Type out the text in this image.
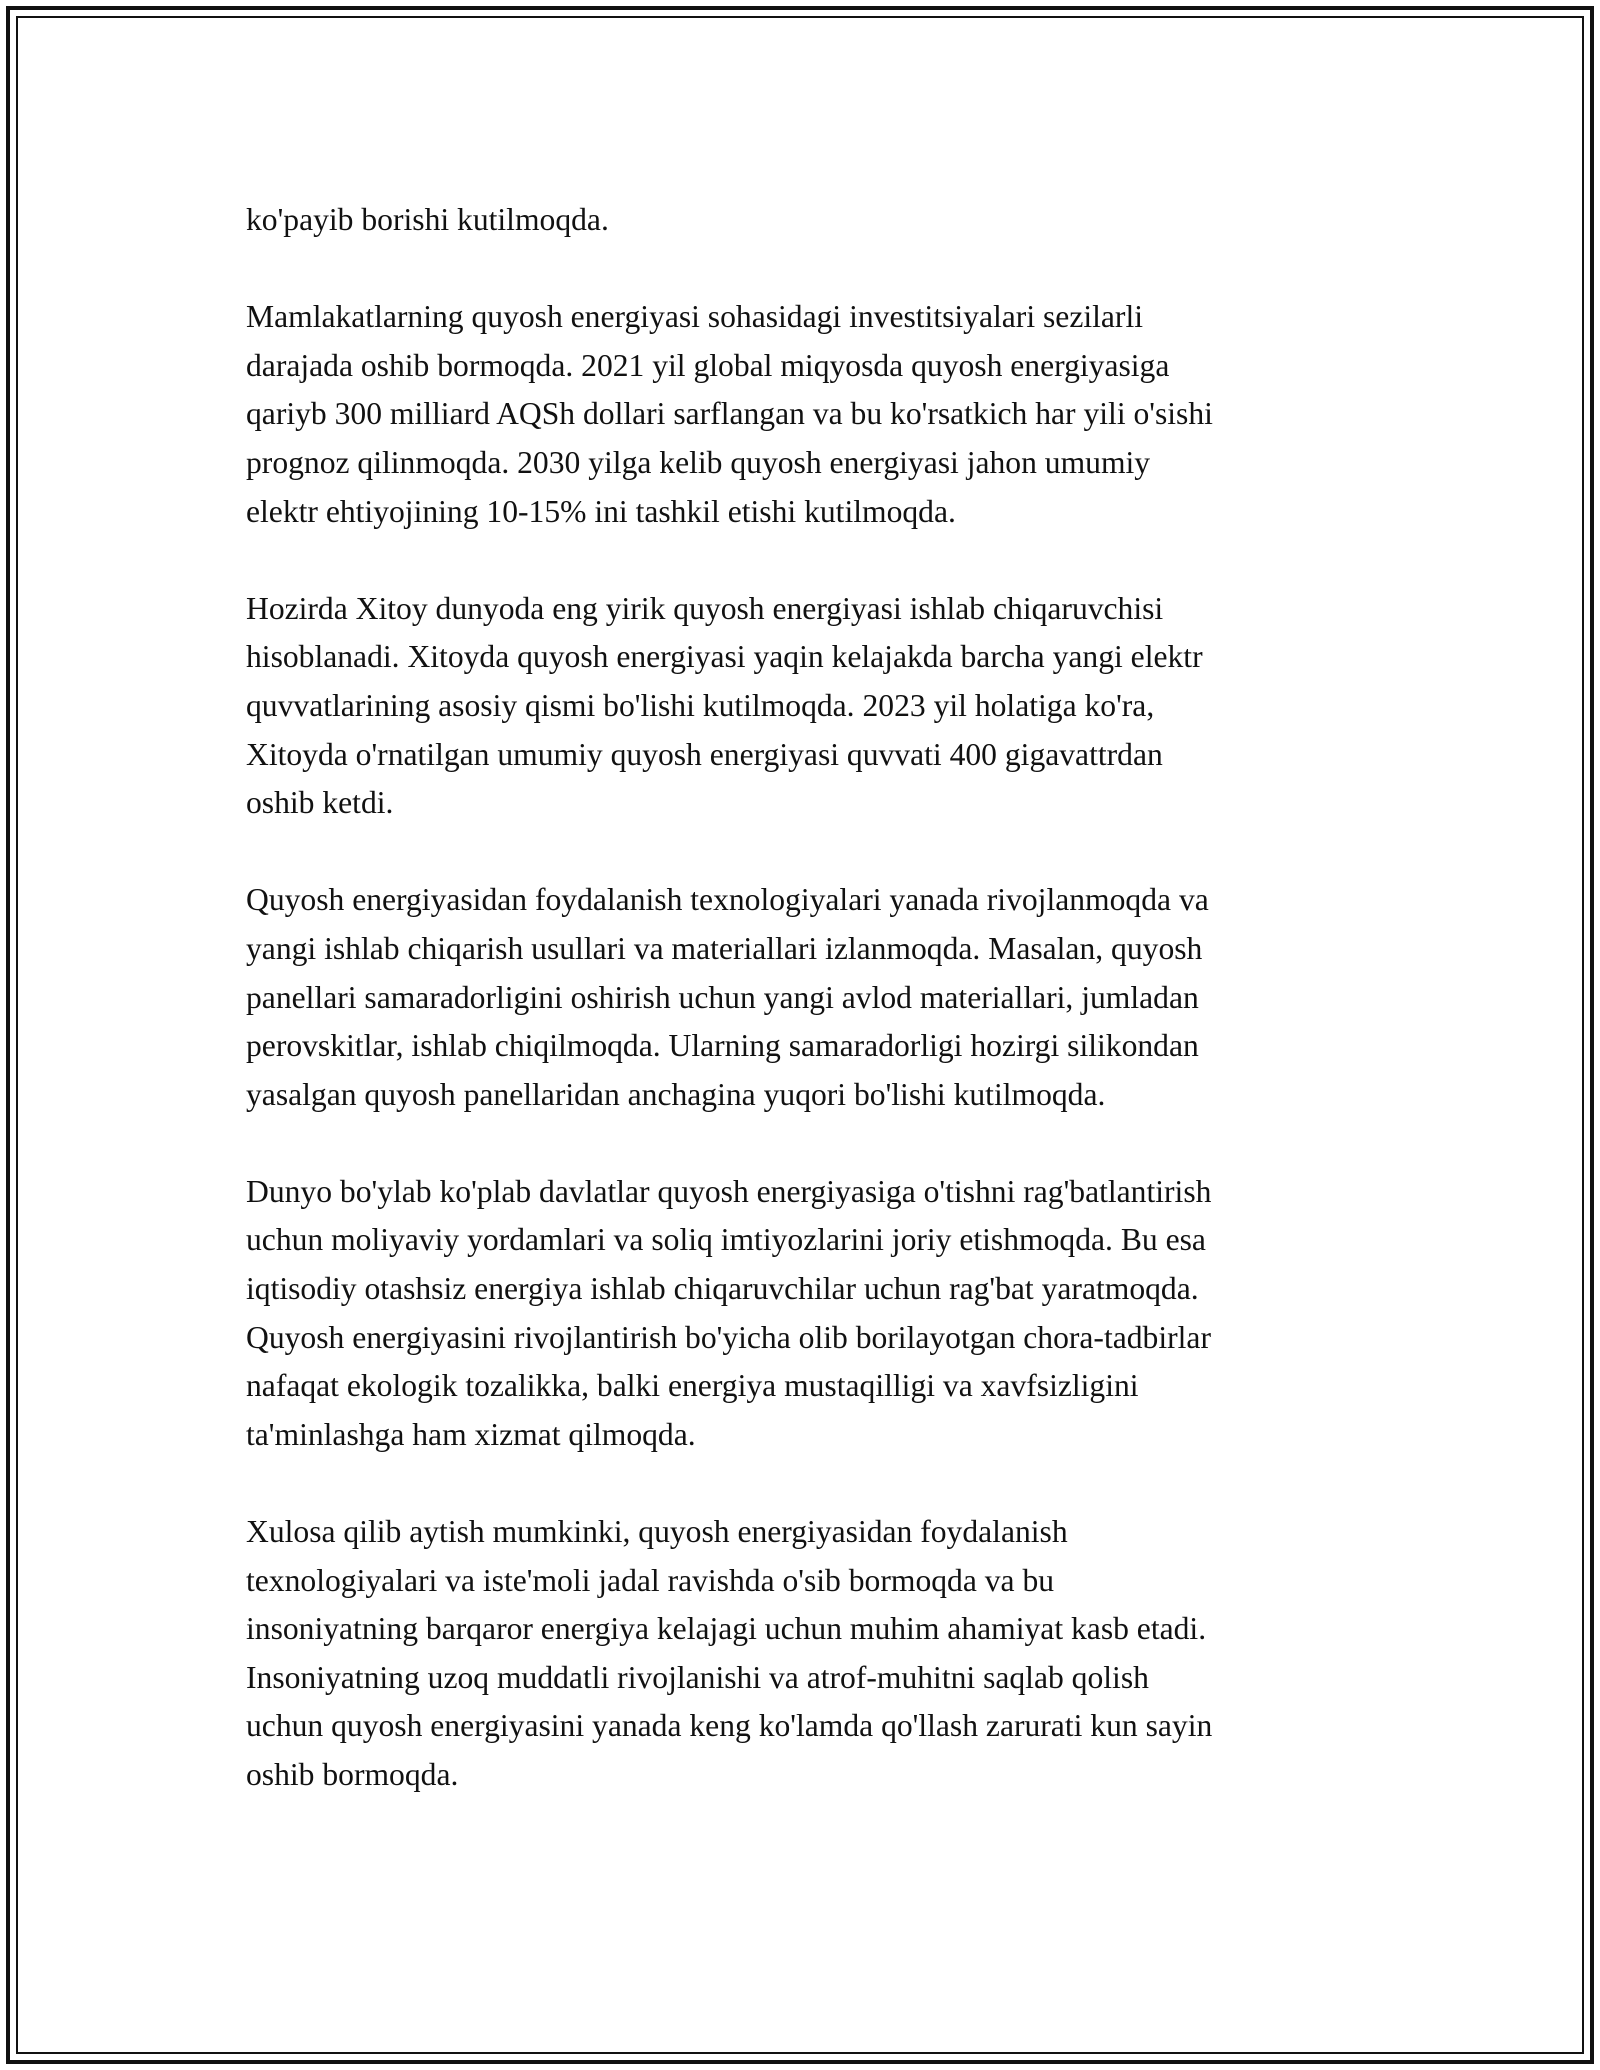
ko'payib borishi kutilmoqda.

Mamlakatlarning quyosh energiyasi sohasidagi investitsiyalari sezilarli
darajada oshib bormoqda. 2021 yil global miqyosda quyosh energiyasiga
qariyb 300 milliard AQSh dollari sarflangan va bu ko'rsatkich har yili o'sishi
prognoz qilinmoqda. 2030 yilga kelib quyosh energiyasi jahon umumiy
elektr ehtiyojining 10-15% ini tashkil etishi kutilmoqda.

Hozirda Xitoy dunyoda eng yirik quyosh energiyasi ishlab chiqaruvchisi
hisoblanadi. Xitoyda quyosh energiyasi yaqin kelajakda barcha yangi elektr
quvvatlarining asosiy qismi bo'lishi kutilmoqda. 2023 yil holatiga ko'ra,
Xitoyda o'rnatilgan umumiy quyosh energiyasi quvvati 400 gigavattrdan
oshib ketdi.

Quyosh energiyasidan foydalanish texnologiyalari yanada rivojlanmoqda va
yangi ishlab chiqarish usullari va materiallari izlanmoqda. Masalan, quyosh
panellari samaradorligini oshirish uchun yangi avlod materiallari, jumladan
perovskitlar, ishlab chiqilmoqda. Ularning samaradorligi hozirgi silikondan
yasalgan quyosh panellaridan anchagina yuqori bo'lishi kutilmoqda.

Dunyo bo'ylab ko'plab davlatlar quyosh energiyasiga o'tishni rag'batlantirish
uchun moliyaviy yordamlari va soliq imtiyozlarini joriy etishmoqda. Bu esa
iqtisodiy otashsiz energiya ishlab chiqaruvchilar uchun rag'bat yaratmoqda.
Quyosh energiyasini rivojlantirish bo'yicha olib borilayotgan chora-tadbirlar
nafaqat ekologik tozalikka, balki energiya mustaqilligi va xavfsizligini
ta'minlashga ham xizmat qilmoqda.

Xulosa qilib aytish mumkinki, quyosh energiyasidan foydalanish
texnologiyalari va iste'moli jadal ravishda o'sib bormoqda va bu
insoniyatning barqaror energiya kelajagi uchun muhim ahamiyat kasb etadi.
Insoniyatning uzoq muddatli rivojlanishi va atrof-muhitni saqlab qolish
uchun quyosh energiyasini yanada keng ko'lamda qo'llash zarurati kun sayin
oshib bormoqda.
